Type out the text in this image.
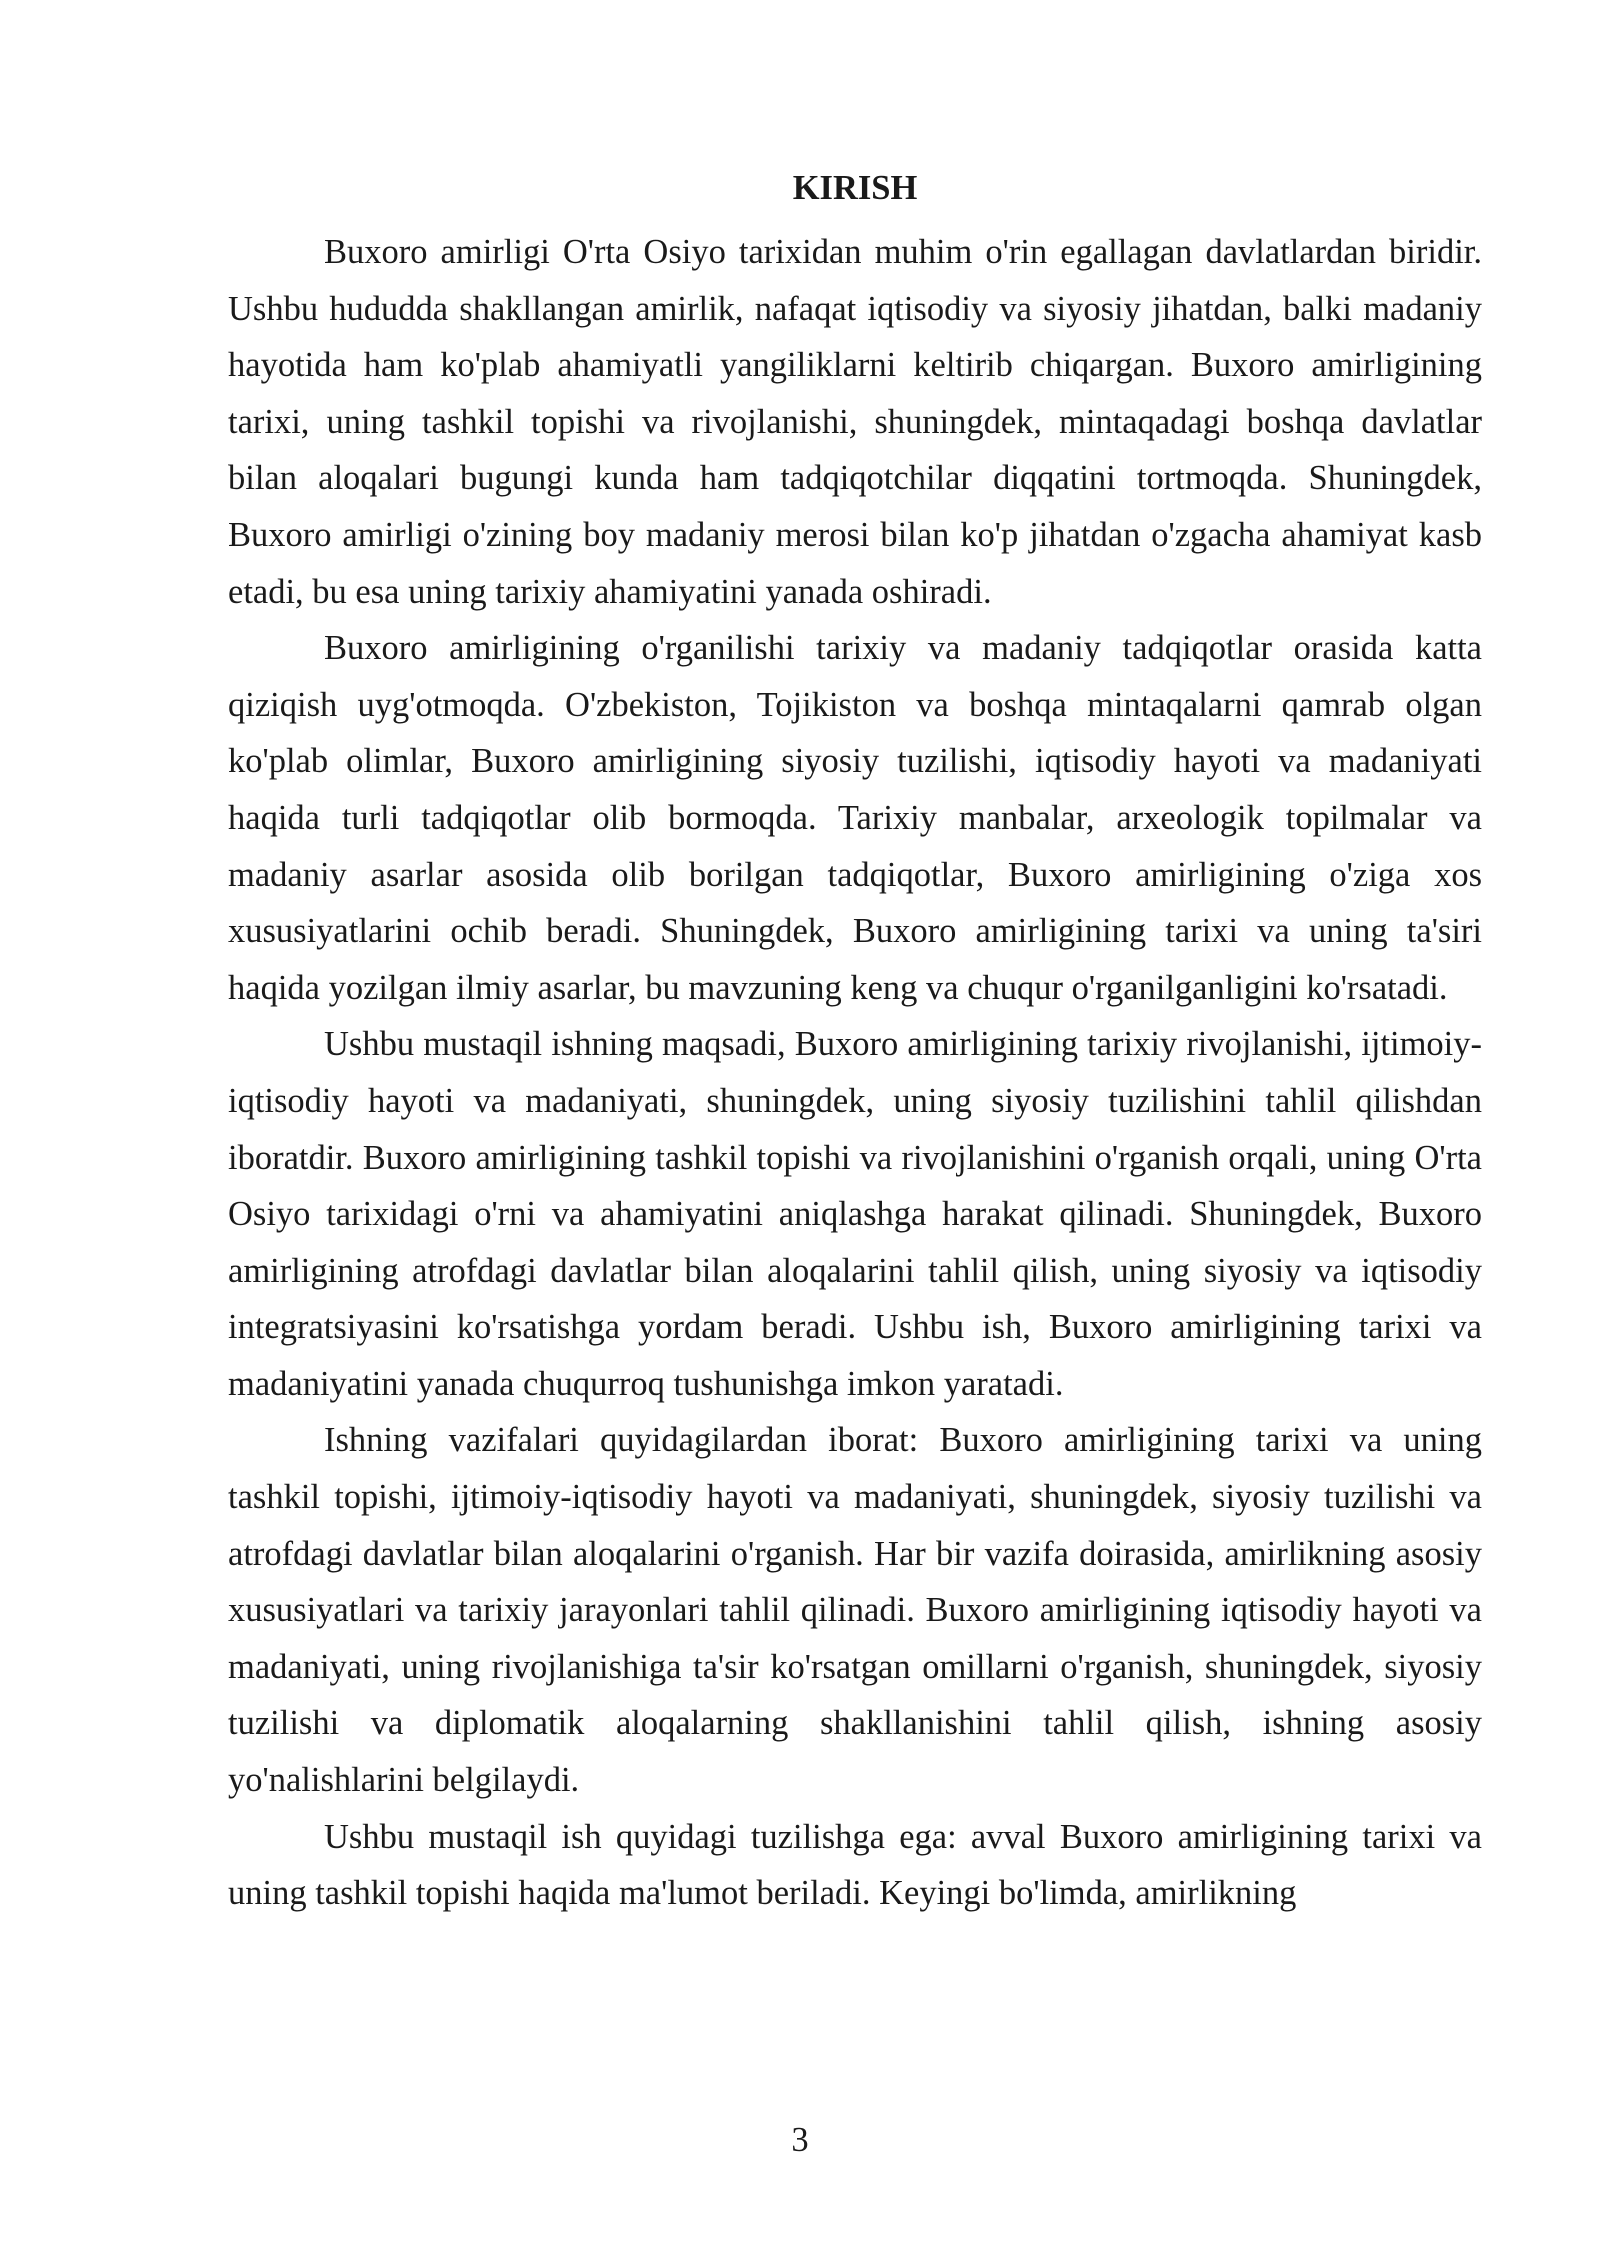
KIRISH

Buxoro amirligi O'rta Osiyo tarixidan muhim o'rin egallagan davlatlardan biridir. Ushbu hududda shakllangan amirlik, nafaqat iqtisodiy va siyosiy jihatdan, balki madaniy hayotida ham ko'plab ahamiyatli yangiliklarni keltirib chiqargan. Buxoro amirligining tarixi, uning tashkil topishi va rivojlanishi, shuningdek, mintaqadagi boshqa davlatlar bilan aloqalari bugungi kunda ham tadqiqotchilar diqqatini tortmoqda. Shuningdek, Buxoro amirligi o'zining boy madaniy merosi bilan ko'p jihatdan o'zgacha ahamiyat kasb etadi, bu esa uning tarixiy ahamiyatini yanada oshiradi.

Buxoro amirligining o'rganilishi tarixiy va madaniy tadqiqotlar orasida katta qiziqish uyg'otmoqda. O'zbekiston, Tojikiston va boshqa mintaqalarni qamrab olgan ko'plab olimlar, Buxoro amirligining siyosiy tuzilishi, iqtisodiy hayoti va madaniyati haqida turli tadqiqotlar olib bormoqda. Tarixiy manbalar, arxeologik topilmalar va madaniy asarlar asosida olib borilgan tadqiqotlar, Buxoro amirligining o'ziga xos xususiyatlarini ochib beradi. Shuningdek, Buxoro amirligining tarixi va uning ta'siri haqida yozilgan ilmiy asarlar, bu mavzuning keng va chuqur o'rganilganligini ko'rsatadi.

Ushbu mustaqil ishning maqsadi, Buxoro amirligining tarixiy rivojlanishi, ijtimoiy-iqtisodiy hayoti va madaniyati, shuningdek, uning siyosiy tuzilishini tahlil qilishdan iboratdir. Buxoro amirligining tashkil topishi va rivojlanishini o'rganish orqali, uning O'rta Osiyo tarixidagi o'rni va ahamiyatini aniqlashga harakat qilinadi. Shuningdek, Buxoro amirligining atrofdagi davlatlar bilan aloqalarini tahlil qilish, uning siyosiy va iqtisodiy integratsiyasini ko'rsatishga yordam beradi. Ushbu ish, Buxoro amirligining tarixi va madaniyatini yanada chuqurroq tushunishga imkon yaratadi.

Ishning vazifalari quyidagilardan iborat: Buxoro amirligining tarixi va uning tashkil topishi, ijtimoiy-iqtisodiy hayoti va madaniyati, shuningdek, siyosiy tuzilishi va atrofdagi davlatlar bilan aloqalarini o'rganish. Har bir vazifa doirasida, amirlikning asosiy xususiyatlari va tarixiy jarayonlari tahlil qilinadi. Buxoro amirligining iqtisodiy hayoti va madaniyati, uning rivojlanishiga ta'sir ko'rsatgan omillarni o'rganish, shuningdek, siyosiy tuzilishi va diplomatik aloqalarning shakllanishini tahlil qilish, ishning asosiy yo'nalishlarini belgilaydi.

Ushbu mustaqil ish quyidagi tuzilishga ega: avval Buxoro amirligining tarixi va uning tashkil topishi haqida ma'lumot beriladi. Keyingi bo'limda, amirlikning

3
